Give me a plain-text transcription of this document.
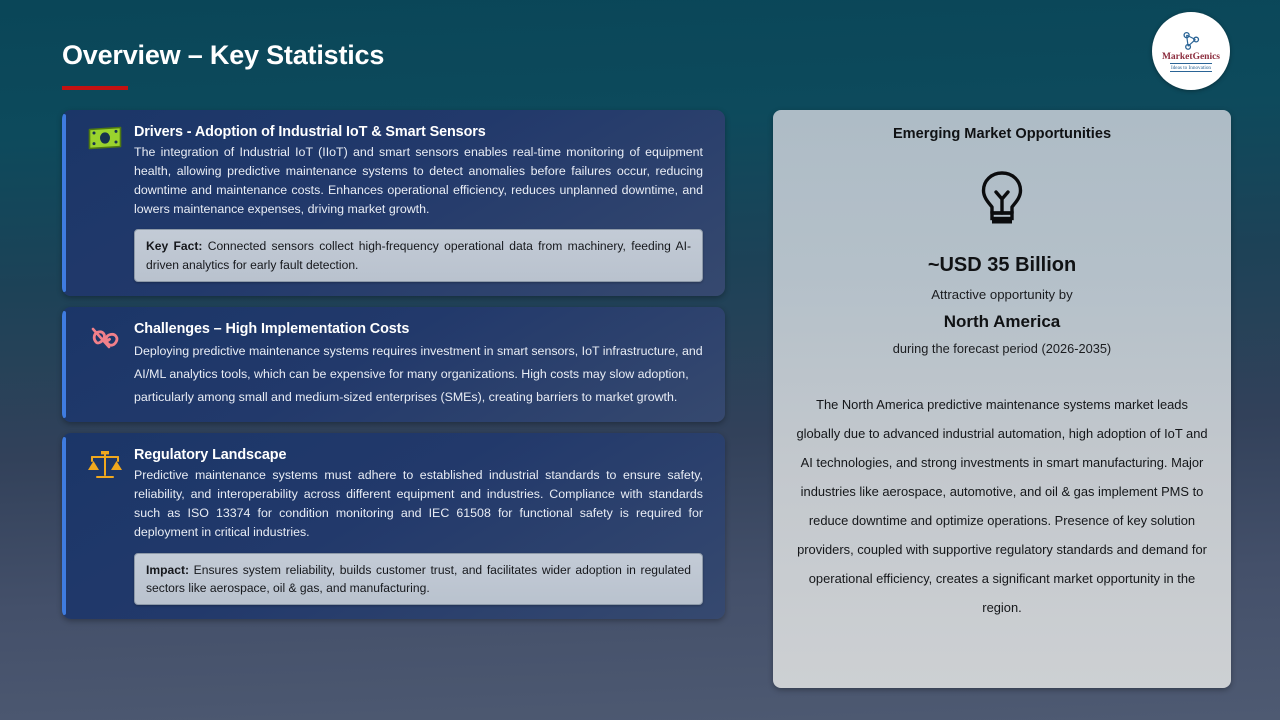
Overview – Key Statistics	MarketGenics
Ideas to Innovation
Drivers - Adoption of Industrial IoT & Smart Sensors
The integration of Industrial IoT (IIoT) and smart sensors enables real-time monitoring of equipment health, allowing predictive maintenance systems to detect anomalies before failures occur, reducing downtime and maintenance costs. Enhances operational efficiency, reduces unplanned downtime, and lowers maintenance expenses, driving market growth.
Key Fact: Connected sensors collect high-frequency operational data from machinery, feeding AI-driven analytics for early fault detection.
Challenges – High Implementation Costs
Deploying predictive maintenance systems requires investment in smart sensors, IoT infrastructure, and AI/ML analytics tools, which can be expensive for many organizations. High costs may slow adoption, particularly among small and medium-sized enterprises (SMEs), creating barriers to market growth.
Regulatory Landscape
Predictive maintenance systems must adhere to established industrial standards to ensure safety, reliability, and interoperability across different equipment and industries. Compliance with standards such as ISO 13374 for condition monitoring and IEC 61508 for functional safety is required for deployment in critical industries.
Impact: Ensures system reliability, builds customer trust, and facilitates wider adoption in regulated sectors like aerospace, oil & gas, and manufacturing.
Emerging Market Opportunities
~USD 35 Billion
Attractive opportunity by
North America
during the forecast period (2026-2035)
The North America predictive maintenance systems market leads globally due to advanced industrial automation, high adoption of IoT and AI technologies, and strong investments in smart manufacturing. Major industries like aerospace, automotive, and oil & gas implement PMS to reduce downtime and optimize operations. Presence of key solution providers, coupled with supportive regulatory standards and demand for operational efficiency, creates a significant market opportunity in the region.
